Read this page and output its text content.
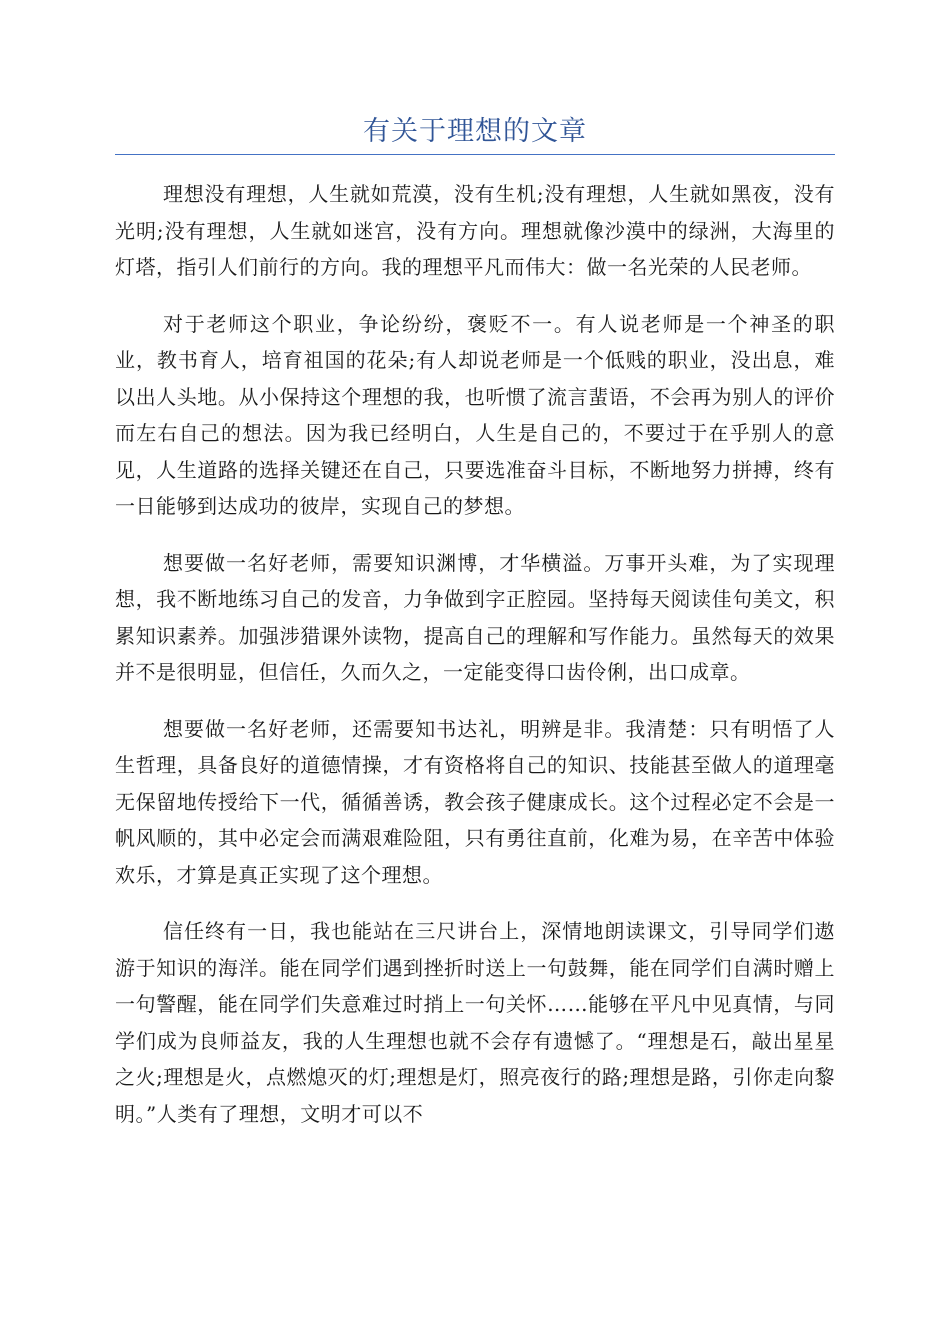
有关于理想的文章

理想没有理想，人生就如荒漠，没有生机;没有理想，人生就如黑夜，没有光明;没有理想，人生就如迷宫，没有方向。理想就像沙漠中的绿洲，大海里的灯塔，指引人们前行的方向。我的理想平凡而伟大：做一名光荣的人民老师。

对于老师这个职业，争论纷纷，褒贬不一。有人说老师是一个神圣的职业，教书育人，培育祖国的花朵;有人却说老师是一个低贱的职业，没出息，难以出人头地。从小保持这个理想的我，也听惯了流言蜚语，不会再为别人的评价而左右自己的想法。因为我已经明白，人生是自己的，不要过于在乎别人的意见，人生道路的选择关键还在自己，只要选准奋斗目标，不断地努力拼搏，终有一日能够到达成功的彼岸，实现自己的梦想。

想要做一名好老师，需要知识渊博，才华横溢。万事开头难，为了实现理想，我不断地练习自己的发音，力争做到字正腔园。坚持每天阅读佳句美文，积累知识素养。加强涉猎课外读物，提高自己的理解和写作能力。虽然每天的效果并不是很明显，但信任，久而久之，一定能变得口齿伶俐，出口成章。

想要做一名好老师，还需要知书达礼，明辨是非。我清楚：只有明悟了人生哲理，具备良好的道德情操，才有资格将自己的知识、技能甚至做人的道理毫无保留地传授给下一代，循循善诱，教会孩子健康成长。这个过程必定不会是一帆风顺的，其中必定会而满艰难险阻，只有勇往直前，化难为易，在辛苦中体验欢乐，才算是真正实现了这个理想。

信任终有一日，我也能站在三尺讲台上，深情地朗读课文，引导同学们遨游于知识的海洋。能在同学们遇到挫折时送上一句鼓舞，能在同学们自满时赠上一句警醒，能在同学们失意难过时捎上一句关怀……能够在平凡中见真情，与同学们成为良师益友，我的人生理想也就不会存有遗憾了。“理想是石，敲出星星之火;理想是火，点燃熄灭的灯;理想是灯，照亮夜行的路;理想是路，引你走向黎明。”人类有了理想，文明才可以不
